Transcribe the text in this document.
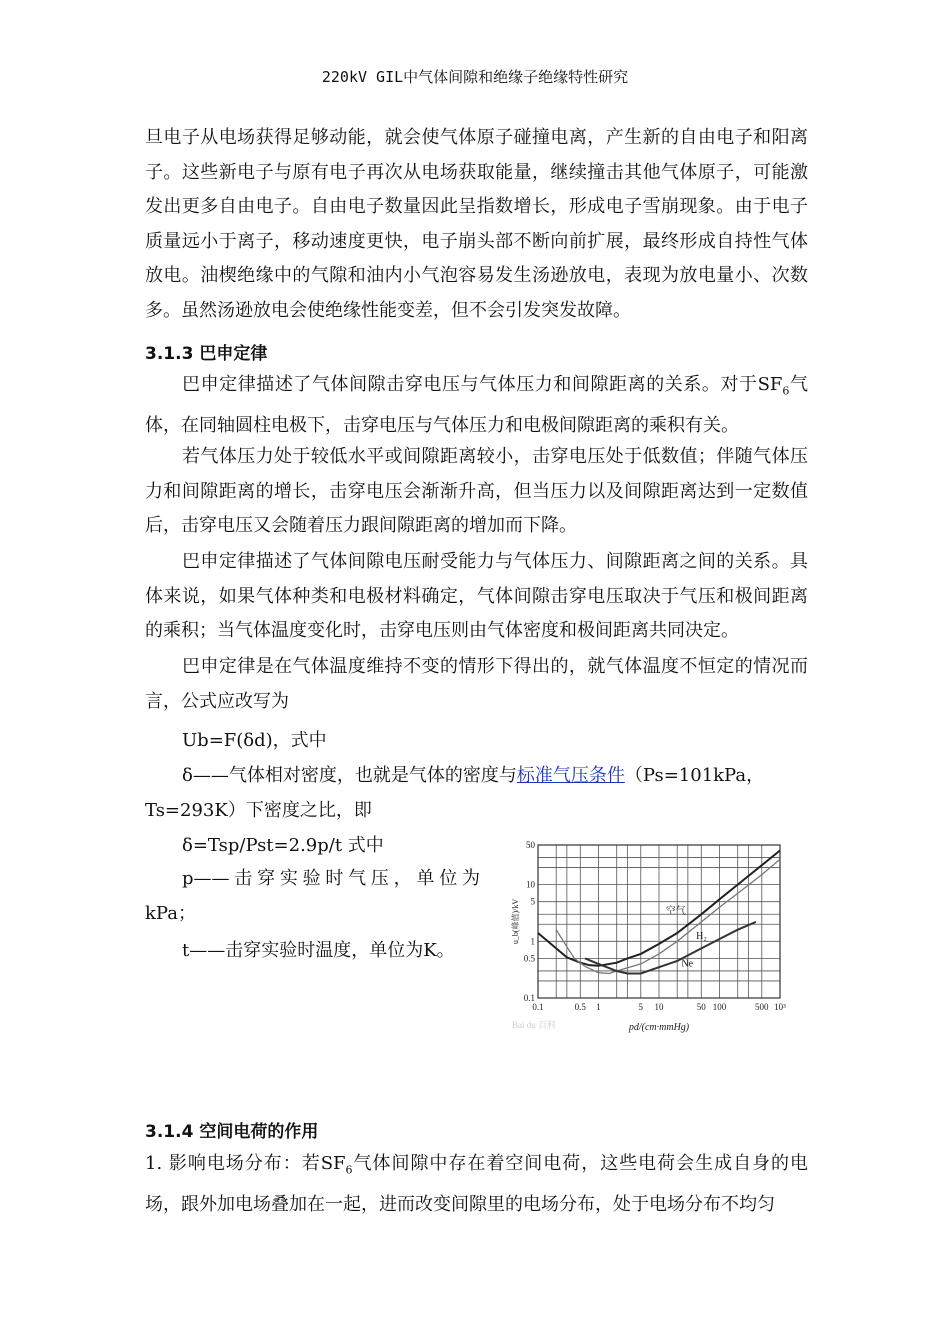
220kV GIL中气体间隙和绝缘子绝缘特性研究
旦电子从电场获得足够动能，就会使气体原子碰撞电离，产生新的自由电子和阳离子。这些新电子与原有电子再次从电场获取能量，继续撞击其他气体原子，可能激发出更多自由电子。自由电子数量因此呈指数增长，形成电子雪崩现象。由于电子质量远小于离子，移动速度更快，电子崩头部不断向前扩展，最终形成自持性气体放电。油楔绝缘中的气隙和油内小气泡容易发生汤逊放电，表现为放电量小、次数多。虽然汤逊放电会使绝缘性能变差，但不会引发突发故障。
3.1.3 巴申定律
巴申定律描述了气体间隙击穿电压与气体压力和间隙距离的关系。对于$SF_6$气体，在同轴圆柱电极下，击穿电压与气体压力和电极间隙距离的乘积有关。
若气体压力处于较低水平或间隙距离较小，击穿电压处于低数值；伴随气体压力和间隙距离的增长，击穿电压会渐渐升高，但当压力以及间隙距离达到一定数值后，击穿电压又会随着压力跟间隙距离的增加而下降。
巴申定律描述了气体间隙电压耐受能力与气体压力、间隙距离之间的关系。具体来说，如果气体种类和电极材料确定，气体间隙击穿电压取决于气压和极间距离的乘积；当气体温度变化时，击穿电压则由气体密度和极间距离共同决定。
巴申定律是在气体温度维持不变的情形下得出的，就气体温度不恒定的情况而言，公式应改写为
Ub=F(δd)，式中
δ——气体相对密度，也就是气体的密度与标准气压条件（Ps=101kPa，
Ts=293K）下密度之比，即
δ=Tsp/Pst=2.9p/t 式中
p—— 击 穿 实 验 时 气 压 ， 单 位 为
kPa；
t——击穿实验时温度，单位为K。
0.1	0.5 1	5 10	50 100	500 10³
0.1
0.5
1
5
10
50
pd/(cm·mmHg)
u_b(峰值)/kV	空气
H₂
Ne
Bai du 百科
3.1.4 空间电荷的作用
1. 影响电场分布：若$SF_6$气体间隙中存在着空间电荷，这些电荷会生成自身的电场，跟外加电场叠加在一起，进而改变间隙里的电场分布，处于电场分布不均匀
